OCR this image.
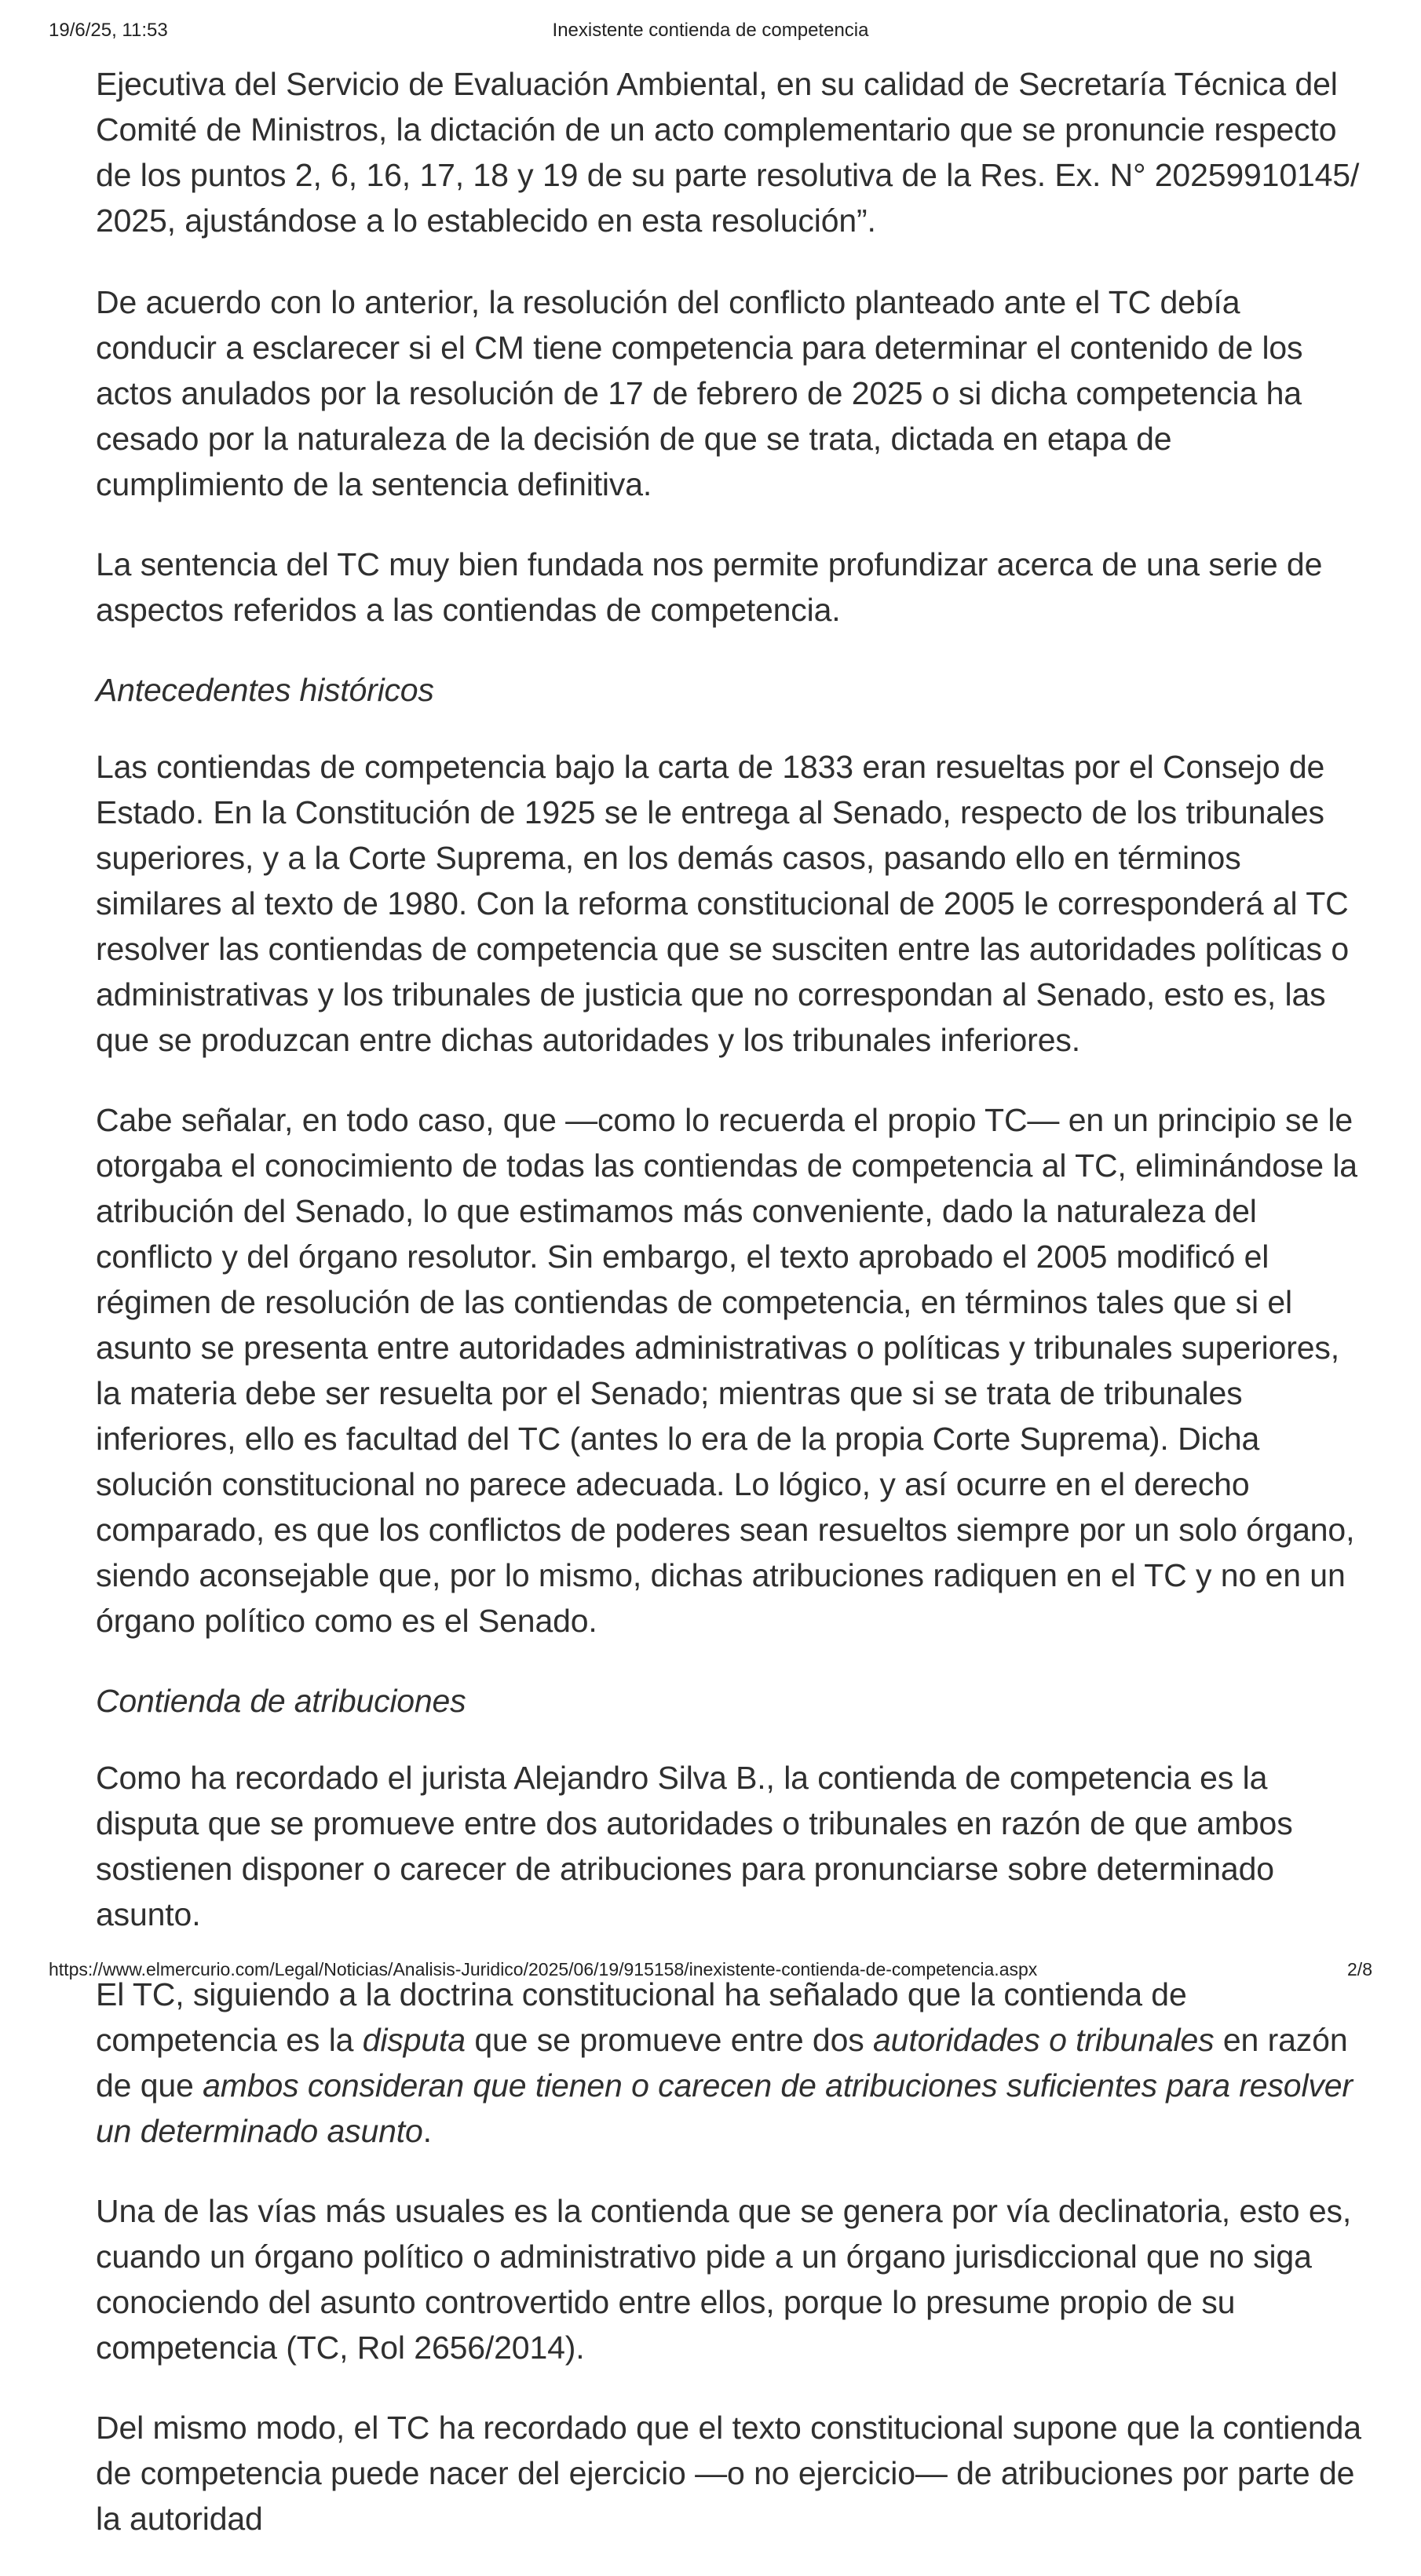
19/6/25, 11:53	Inexistente contienda de competencia

Ejecutiva del Servicio de Evaluación Ambiental, en su calidad de Secretaría Técnica del Comité de Ministros, la dictación de un acto complementario que se pronuncie respecto de los puntos 2, 6, 16, 17, 18 y 19 de su parte resolutiva de la Res. Ex. N° 20259910145/ 2025, ajustándose a lo establecido en esta resolución”.

De acuerdo con lo anterior, la resolución del conflicto planteado ante el TC debía conducir a esclarecer si el CM tiene competencia para determinar el contenido de los actos anulados por la resolución de 17 de febrero de 2025 o si dicha competencia ha cesado por la naturaleza de la decisión de que se trata, dictada en etapa de cumplimiento de la sentencia definitiva.

La sentencia del TC muy bien fundada nos permite profundizar acerca de una serie de aspectos referidos a las contiendas de competencia.

Antecedentes históricos

Las contiendas de competencia bajo la carta de 1833 eran resueltas por el Consejo de Estado. En la Constitución de 1925 se le entrega al Senado, respecto de los tribunales superiores, y a la Corte Suprema, en los demás casos, pasando ello en términos similares al texto de 1980. Con la reforma constitucional de 2005 le corresponderá al TC resolver las contiendas de competencia que se susciten entre las autoridades políticas o administrativas y los tribunales de justicia que no correspondan al Senado, esto es, las que se produzcan entre dichas autoridades y los tribunales inferiores.

Cabe señalar, en todo caso, que —como lo recuerda el propio TC— en un principio se le otorgaba el conocimiento de todas las contiendas de competencia al TC, eliminándose la atribución del Senado, lo que estimamos más conveniente, dado la naturaleza del conflicto y del órgano resolutor. Sin embargo, el texto aprobado el 2005 modificó el régimen de resolución de las contiendas de competencia, en términos tales que si el asunto se presenta entre autoridades administrativas o políticas y tribunales superiores, la materia debe ser resuelta por el Senado; mientras que si se trata de tribunales inferiores, ello es facultad del TC (antes lo era de la propia Corte Suprema). Dicha solución constitucional no parece adecuada. Lo lógico, y así ocurre en el derecho comparado, es que los conflictos de poderes sean resueltos siempre por un solo órgano, siendo aconsejable que, por lo mismo, dichas atribuciones radiquen en el TC y no en un órgano político como es el Senado.

Contienda de atribuciones

Como ha recordado el jurista Alejandro Silva B., la contienda de competencia es la disputa que se promueve entre dos autoridades o tribunales en razón de que ambos sostienen disponer o carecer de atribuciones para pronunciarse sobre determinado asunto.

El TC, siguiendo a la doctrina constitucional ha señalado que la contienda de competencia es la disputa que se promueve entre dos autoridades o tribunales en razón de que ambos consideran que tienen o carecen de atribuciones suficientes para resolver un determinado asunto.

Una de las vías más usuales es la contienda que se genera por vía declinatoria, esto es, cuando un órgano político o administrativo pide a un órgano jurisdiccional que no siga conociendo del asunto controvertido entre ellos, porque lo presume propio de su competencia (TC, Rol 2656/2014).

Del mismo modo, el TC ha recordado que el texto constitucional supone que la contienda de competencia puede nacer del ejercicio —o no ejercicio— de atribuciones por parte de la autoridad

https://www.elmercurio.com/Legal/Noticias/Analisis-Juridico/2025/06/19/915158/inexistente-contienda-de-competencia.aspx	2/8
